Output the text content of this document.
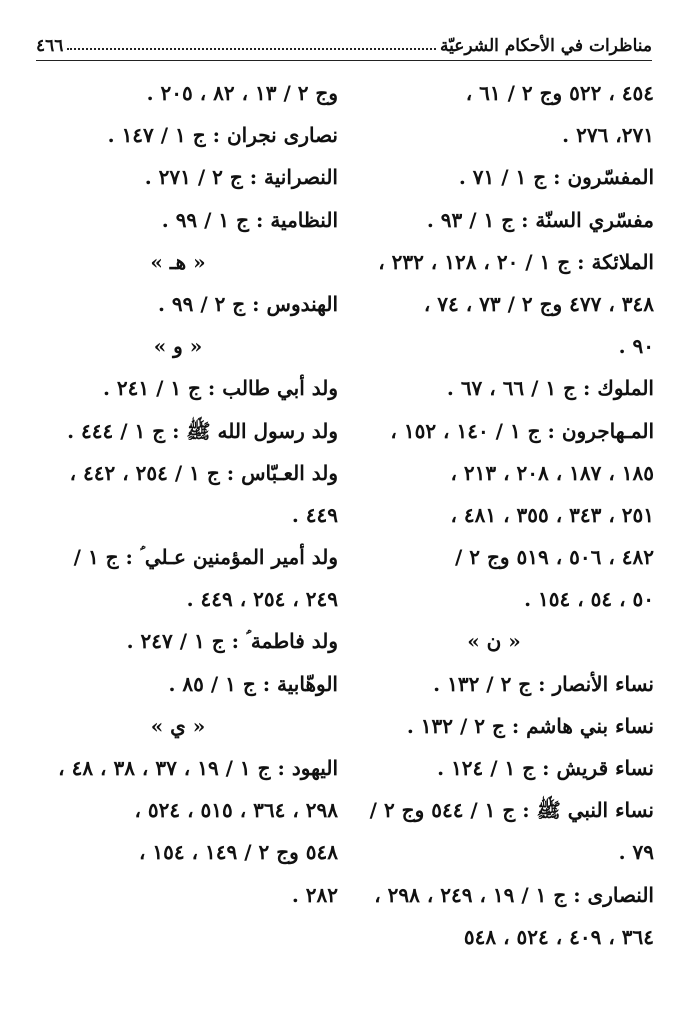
٤٦٦	مناظرات في الأحكام الشرعيّة
٤٥٤ ، ٥٢٢ وج ٢ / ٦١ ،
٢٧١، ٢٧٦ .
المفسّرون : ج ١ / ٧١ .
مفسّري السنّة : ج ١ / ٩٣ .
الملائكة : ج ١ / ٢٠ ، ١٢٨ ، ٢٣٢ ،
٣٤٨ ، ٤٧٧ وج ٢ / ٧٣ ، ٧٤ ،
٩٠ .
الملوك : ج ١ / ٦٦ ، ٦٧ .
المـهاجرون : ج ١ / ١٤٠ ، ١٥٢ ،
١٨٥ ، ١٨٧ ، ٢٠٨ ، ٢١٣ ،
٢٥١ ، ٣٤٣ ، ٣٥٥ ، ٤٨١ ،
٤٨٢ ، ٥٠٦ ، ٥١٩ وج ٢ /
٥٠ ، ٥٤ ، ١٥٤ .
« ن »
نساء الأنصار : ج ٢ / ١٣٢ .
نساء بني هاشم : ج ٢ / ١٣٢ .
نساء قريش : ج ١ / ١٢٤ .
نساء النبي ﷺ : ج ١ / ٥٤٤ وج ٢ /
٧٩ .
النصارى : ج ١ / ١٩ ، ٢٤٩ ، ٢٩٨ ،
٣٦٤ ، ٤٠٩ ، ٥٢٤ ، ٥٤٨
وج ٢ / ١٣ ، ٨٢ ، ٢٠٥ .
نصارى نجران : ج ١ / ١٤٧ .
النصرانية : ج ٢ / ٢٧١ .
النظامية : ج ١ / ٩٩ .
« هـ »
الهندوس : ج ٢ / ٩٩ .
« و »
ولد أبي طالب : ج ١ / ٢٤١ .
ولد رسول الله ﷺ : ج ١ / ٤٤٤ .
ولد العـبّاس : ج ١ / ٢٥٤ ، ٤٤٢ ،
٤٤٩ .
ولد أمير المؤمنين عـلي ؑ : ج ١ /
٢٤٩ ، ٢٥٤ ، ٤٤٩ .
ولد فاطمة ؑ : ج ١ / ٢٤٧ .
الوهّابية : ج ١ / ٨٥ .
« ي »
اليهود : ج ١ / ١٩ ، ٣٧ ، ٣٨ ، ٤٨ ،
٢٩٨ ، ٣٦٤ ، ٥١٥ ، ٥٢٤ ،
٥٤٨ وج ٢ / ١٤٩ ، ١٥٤ ،
٢٨٢ .
